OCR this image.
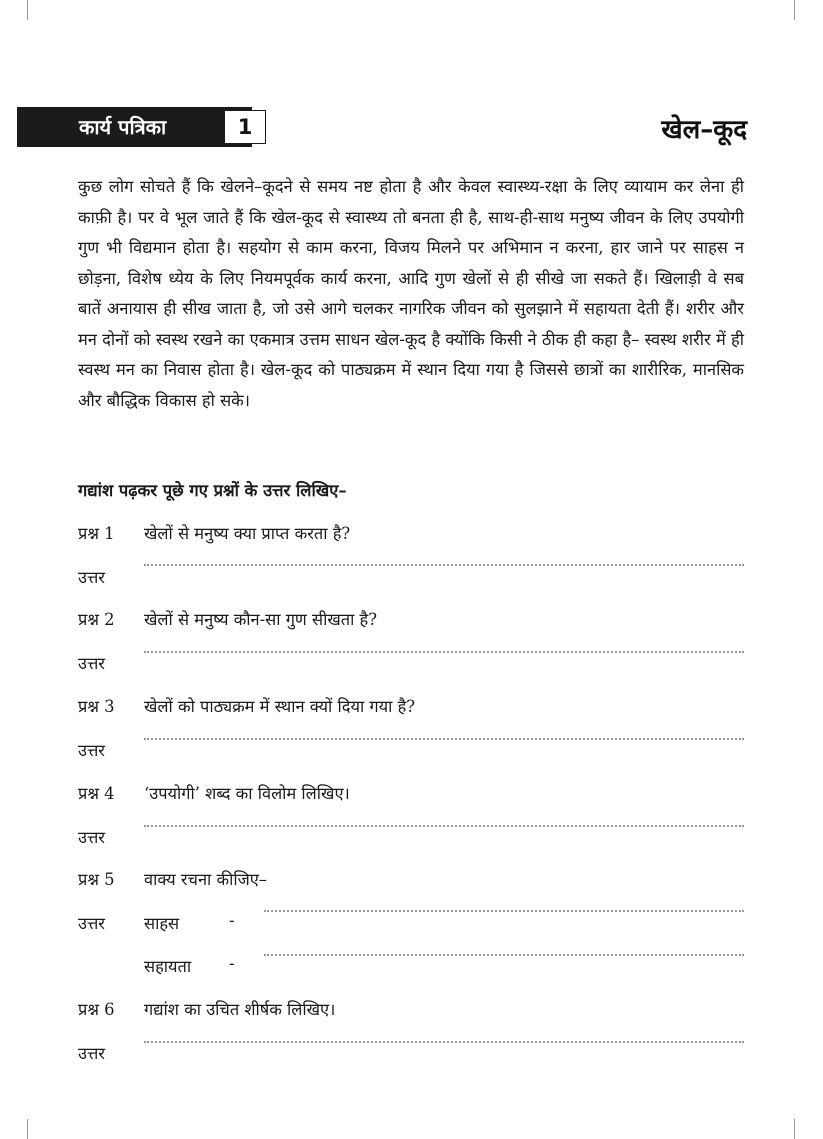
कार्य पत्रिका	1	खेल–कूद

कुछ लोग सोचते हैं कि खेलने–कूदने से समय नष्ट होता है और केवल स्वास्थ्य-रक्षा के लिए व्यायाम कर लेना ही काफ़ी है। पर वे भूल जाते हैं कि खेल-कूद से स्वास्थ्य तो बनता ही है, साथ-ही-साथ मनुष्य जीवन के लिए उपयोगी गुण भी विद्यमान होता है। सहयोग से काम करना, विजय मिलने पर अभिमान न करना, हार जाने पर साहस न छोड़ना, विशेष ध्येय के लिए नियमपूर्वक कार्य करना, आदि गुण खेलों से ही सीखे जा सकते हैं। खिलाड़ी वे सब बातें अनायास ही सीख जाता है, जो उसे आगे चलकर नागरिक जीवन को सुलझाने में सहायता देती हैं। शरीर और मन दोनों को स्वस्थ रखने का एकमात्र उत्तम साधन खेल-कूद है क्योंकि किसी ने ठीक ही कहा है– स्वस्थ शरीर में ही स्वस्थ मन का निवास होता है। खेल-कूद को पाठ्यक्रम में स्थान दिया गया है जिससे छात्रों का शारीरिक, मानसिक और बौद्धिक विकास हो सके।

गद्यांश पढ़कर पूछे गए प्रश्नों के उत्तर लिखिए–

प्रश्न 1 खेलों से मनुष्य क्या प्राप्त करता है?
उत्तर
प्रश्न 2 खेलों से मनुष्य कौन-सा गुण सीखता है?
उत्तर
प्रश्न 3 खेलों को पाठ्यक्रम में स्थान क्यों दिया गया है?
उत्तर
प्रश्न 4 ‘उपयोगी’ शब्द का विलोम लिखिए।
उत्तर
प्रश्न 5 वाक्य रचना कीजिए–
उत्तर साहस	-
सहायता -
प्रश्न 6 गद्यांश का उचित शीर्षक लिखिए।
उत्तर
